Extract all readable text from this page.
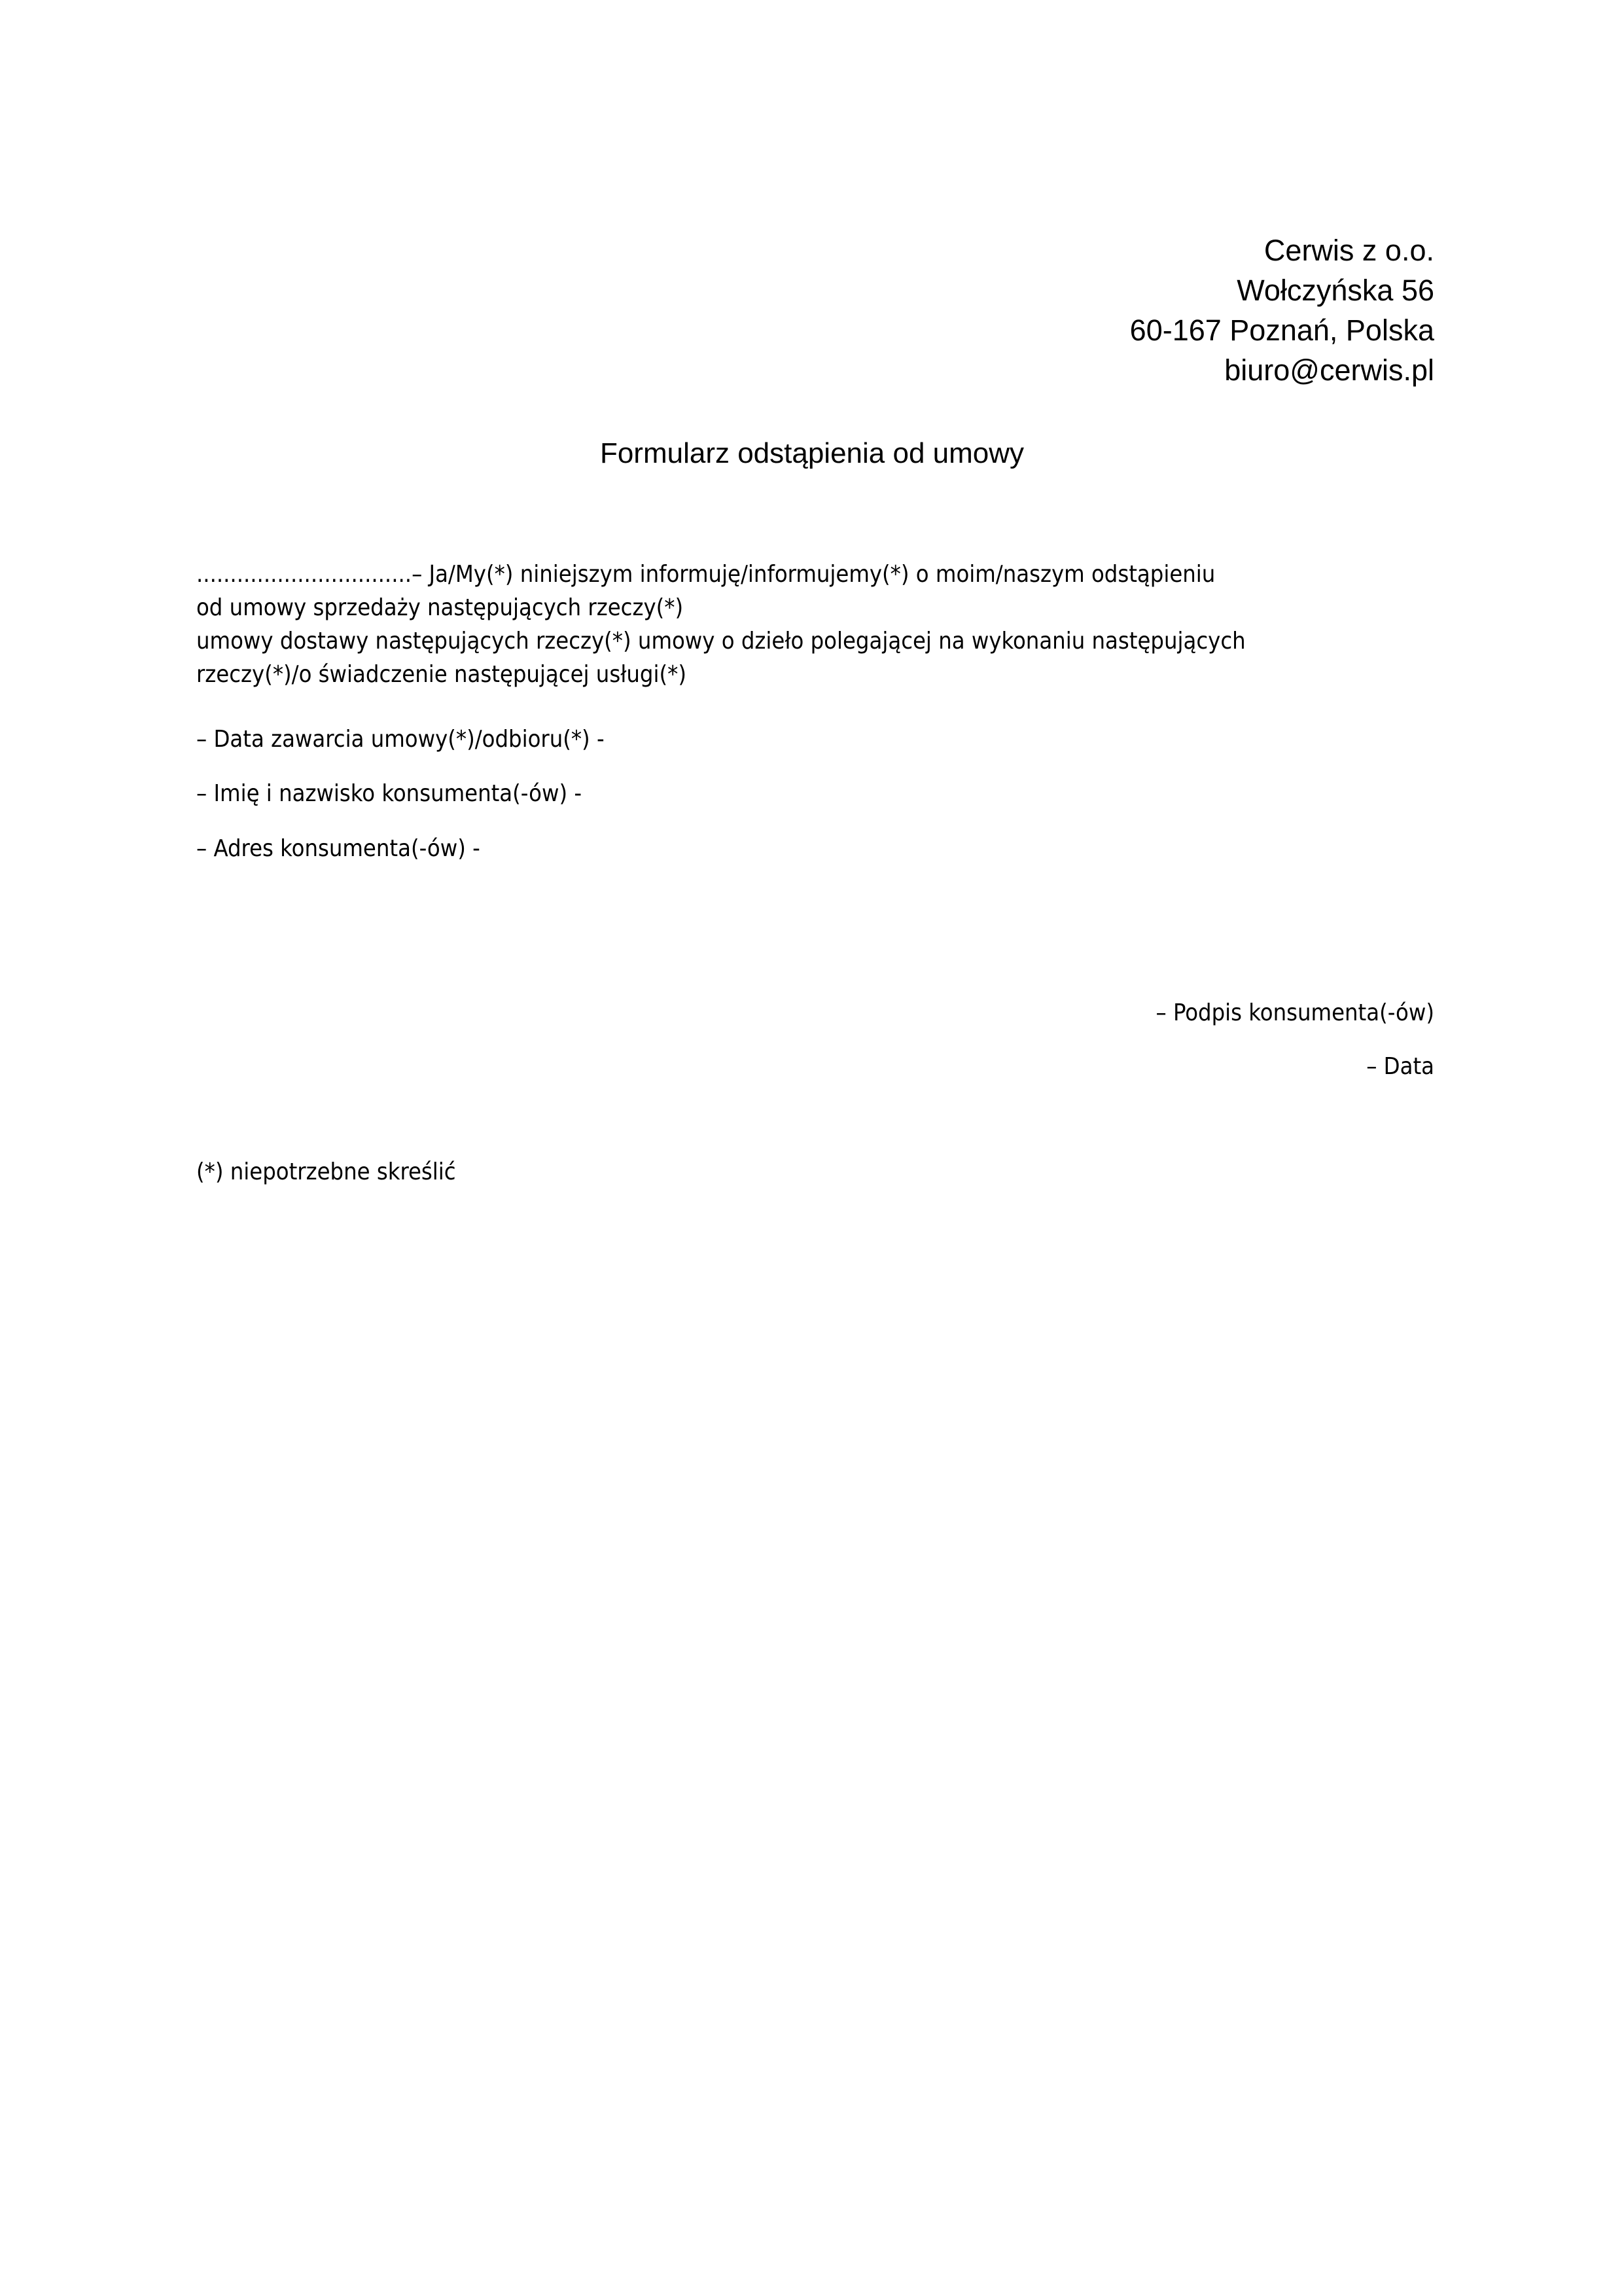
Cerwis z o.o.
Wołczyńska 56
60-167 Poznań, Polska
biuro@cerwis.pl
Formularz odstąpienia od umowy
................................– Ja/My(*) niniejszym informuję/informujemy(*) o moim/naszym odstąpieniu
od umowy sprzedaży następujących rzeczy(*)
umowy dostawy następujących rzeczy(*) umowy o dzieło polegającej na wykonaniu następujących
rzeczy(*)/o świadczenie następującej usługi(*)
– Data zawarcia umowy(*)/odbioru(*) -
– Imię i nazwisko konsumenta(-ów) -
– Adres konsumenta(-ów) -
– Podpis konsumenta(-ów)
– Data
(*) niepotrzebne skreślić
